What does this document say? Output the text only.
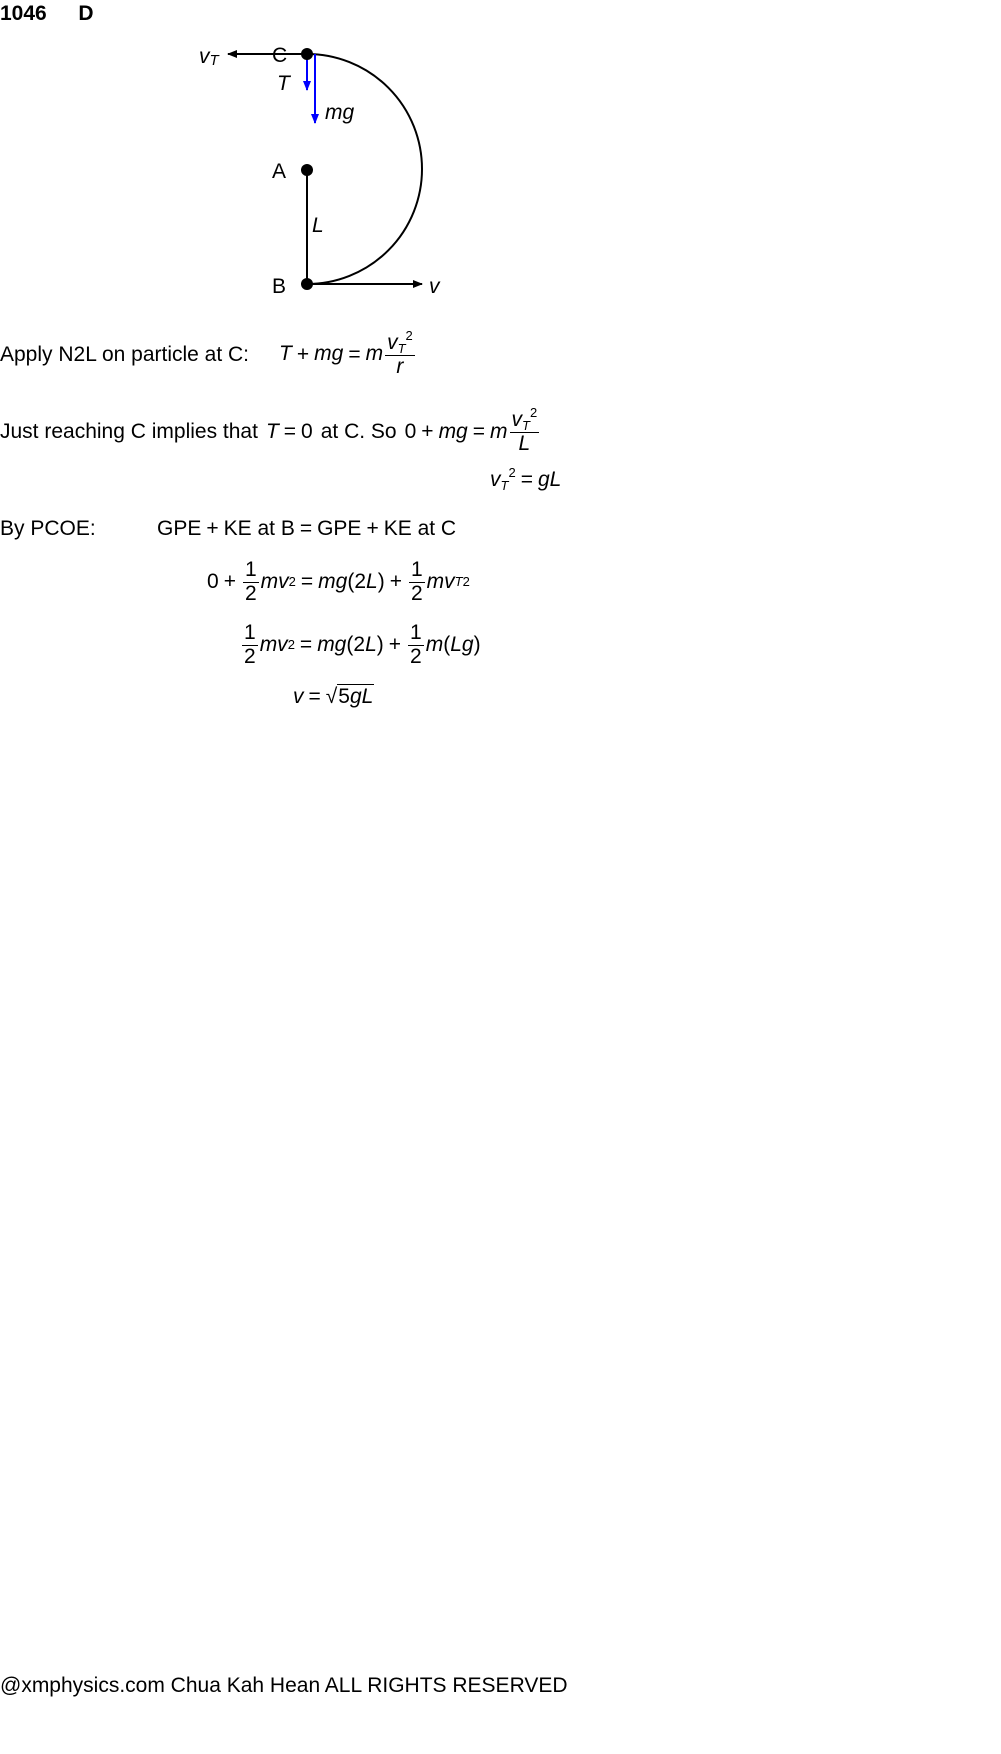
1046 D
vT	C
T
mg
A
L
B	v
Apply N2L on particle at C: T + mg = m $\frac{v_T^2}{r}$
Just reaching C implies that T = 0 at C. So 0 + mg = m $\frac{v_T^2}{L}$
$v_T^2$ = gL
By PCOE:	GPE + KE at B = GPE + KE at C
$0 + \frac{1}{2}$ mv 2 = mg (2 L ) + $\frac{1}{2}$ mv T 2
$\frac{1}{2}$ mv 2 = mg (2 L ) + $\frac{1}{2}$ m ( Lg )
v = √5gL
@xmphysics.com Chua Kah Hean ALL RIGHTS RESERVED
